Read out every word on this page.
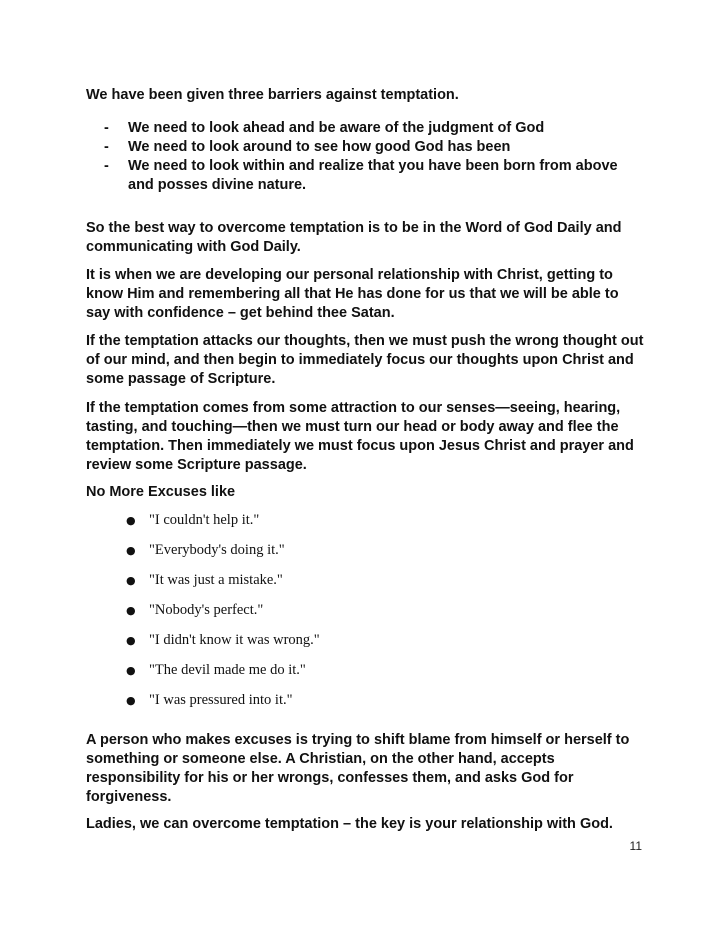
We have been given three barriers against temptation.

- We need to look ahead and be aware of the judgment of God
- We need to look around to see how good God has been
- We need to look within and realize that you have been born from above and posses divine nature.

So the best way to overcome temptation is to be in the Word of God Daily and communicating with God Daily.

It is when we are developing our personal relationship with Christ, getting to know Him and remembering all that He has done for us that we will be able to say with confidence – get behind thee Satan.

If the temptation attacks our thoughts, then we must push the wrong thought out of our mind, and then begin to immediately focus our thoughts upon Christ and some passage of Scripture.

If the temptation comes from some attraction to our senses—seeing, hearing, tasting, and touching—then we must turn our head or body away and flee the temptation. Then immediately we must focus upon Jesus Christ and prayer and review some Scripture passage.

No More Excuses like

● "I couldn't help it."
● "Everybody's doing it."
● "It was just a mistake."
● "Nobody's perfect."
● "I didn't know it was wrong."
● "The devil made me do it."
● "I was pressured into it."

A person who makes excuses is trying to shift blame from himself or herself to something or someone else. A Christian, on the other hand, accepts responsibility for his or her wrongs, confesses them, and asks God for forgiveness.

Ladies, we can overcome temptation – the key is your relationship with God.

11
